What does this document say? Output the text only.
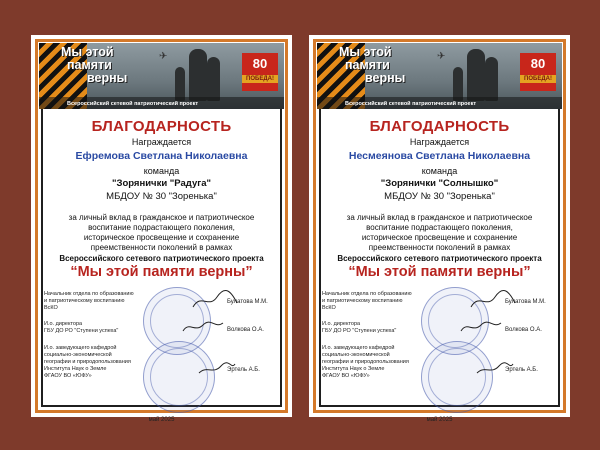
Мы этой
памяти
верны
✈	80
ПОБЕДА!
Всероссийский сетевой патриотический проект
БЛАГОДАРНОСТЬ
Награждается
Ефремова Светлана Николаевна
команда
"Зорянички "Радуга"
МБДОУ № 30 "Зоренька"
за личный вклад в гражданское и патриотическое
воспитание подрастающего поколения,
историческое просвещение и сохранение
преемственности поколений в рамках
Всероссийского сетевого патриотического проекта
“Мы этой памяти верны”
Начальник отдела по образованию
и патриотическому воспитанию
ВсКО
Булатова М.М.
И.о. директора
ГБУ ДО РО "Ступени успеха"	Волкова О.А.
И.о. заведующего кафедрой
социально-экономической
географии и природопользования
Института Наук о Земле
ФГАОУ ВО «ЮФУ»
Эртель А.Б.
май 2025
Мы этой
памяти
верны
✈	80
ПОБЕДА!
Всероссийский сетевой патриотический проект
БЛАГОДАРНОСТЬ
Награждается
Несмеянова Светлана Николаевна
команда
"Зорянички "Солнышко"
МБДОУ № 30 "Зоренька"
за личный вклад в гражданское и патриотическое
воспитание подрастающего поколения,
историческое просвещение и сохранение
преемственности поколений в рамках
Всероссийского сетевого патриотического проекта
“Мы этой памяти верны”
Начальник отдела по образованию
и патриотическому воспитанию
ВсКО
Булатова М.М.
И.о. директора
ГБУ ДО РО "Ступени успеха"	Волкова О.А.
И.о. заведующего кафедрой
социально-экономической
географии и природопользования
Института Наук о Земле
ФГАОУ ВО «ЮФУ»
Эртель А.Б.
май 2025
